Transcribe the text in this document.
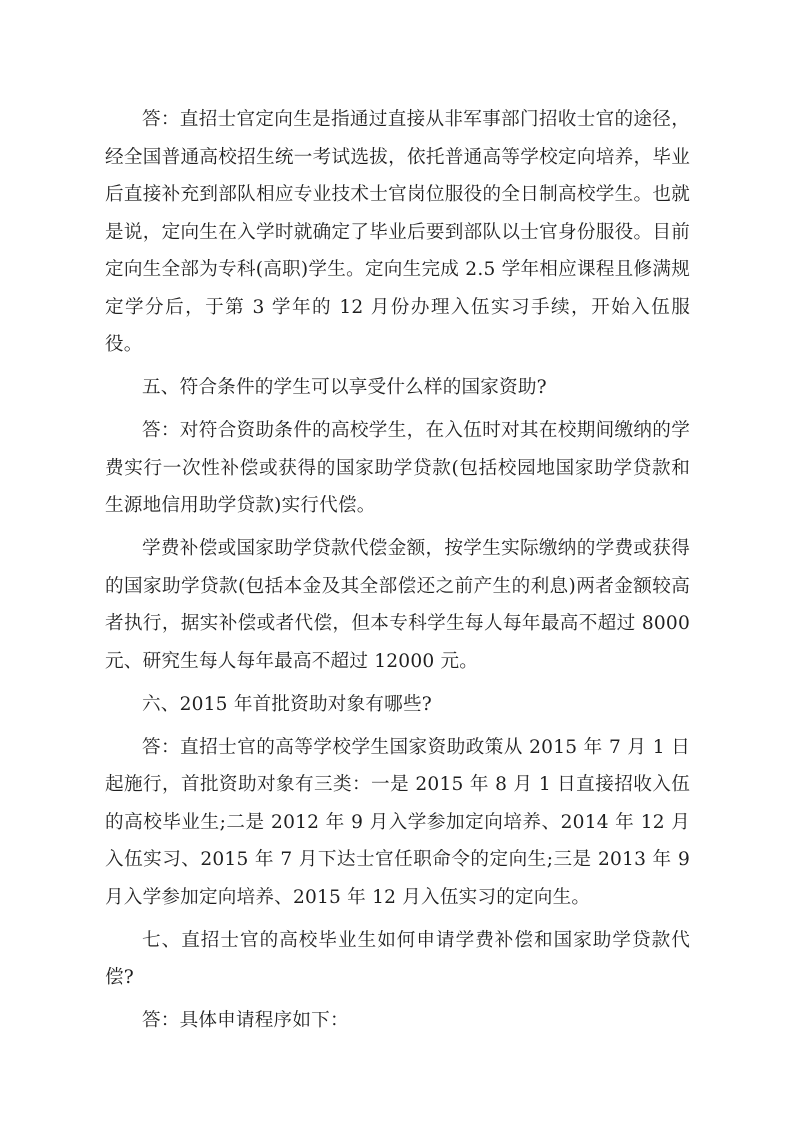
答：直招士官定向生是指通过直接从非军事部门招收士官的途径，经全国普通高校招生统一考试选拔，依托普通高等学校定向培养，毕业后直接补充到部队相应专业技术士官岗位服役的全日制高校学生。也就是说，定向生在入学时就确定了毕业后要到部队以士官身份服役。目前定向生全部为专科(高职)学生。定向生完成 2.5 学年相应课程且修满规定学分后，于第 3 学年的 12 月份办理入伍实习手续，开始入伍服役。

五、符合条件的学生可以享受什么样的国家资助?

答：对符合资助条件的高校学生，在入伍时对其在校期间缴纳的学费实行一次性补偿或获得的国家助学贷款(包括校园地国家助学贷款和生源地信用助学贷款)实行代偿。

学费补偿或国家助学贷款代偿金额，按学生实际缴纳的学费或获得的国家助学贷款(包括本金及其全部偿还之前产生的利息)两者金额较高者执行，据实补偿或者代偿，但本专科学生每人每年最高不超过 8000 元、研究生每人每年最高不超过 12000 元。

六、2015 年首批资助对象有哪些?

答：直招士官的高等学校学生国家资助政策从 2015 年 7 月 1 日起施行，首批资助对象有三类：一是 2015 年 8 月 1 日直接招收入伍的高校毕业生;二是 2012 年 9 月入学参加定向培养、2014 年 12 月入伍实习、2015 年 7 月下达士官任职命令的定向生;三是 2013 年 9 月入学参加定向培养、2015 年 12 月入伍实习的定向生。

七、直招士官的高校毕业生如何申请学费补偿和国家助学贷款代偿?

答：具体申请程序如下：
